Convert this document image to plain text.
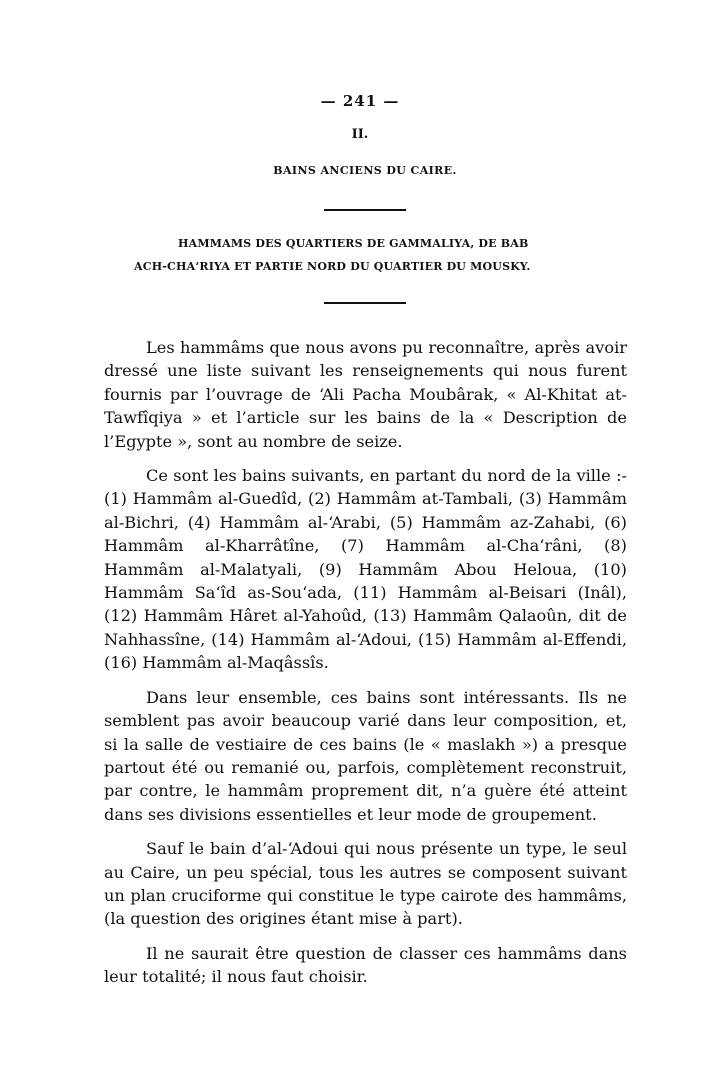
— 241 —
II.
BAINS ANCIENS DU CAIRE.
HAMMAMS DES QUARTIERS DE GAMMALIYA, DE BAB
ACH-CHA‘RIYA ET PARTIE NORD DU QUARTIER DU MOUSKY.

Les hammâms que nous avons pu reconnaître, après avoir dressé une liste suivant les renseignements qui nous furent fournis par l’ouvrage de ‘Ali Pacha Moubârak, « Al-Khitat at-Tawfîqiya » et l’article sur les bains de la « Description de l’Egypte », sont au nombre de seize.

Ce sont les bains suivants, en partant du nord de la ville :- (1) Hammâm al-Guedîd, (2) Hammâm at-Tambali, (3) Hammâm al-Bichri, (4) Hammâm al-‘Arabi, (5) Hammâm az-Zahabi, (6) Hammâm al-Kharrâtîne, (7) Hammâm al-Cha‘râni, (8) Hammâm al-Malatyali, (9) Hammâm Abou Heloua, (10) Hammâm Sa‘îd as-Sou‘ada, (11) Hammâm al-Beisari (Inâl), (12) Hammâm Hâret al-Yahoûd, (13) Hammâm Qalaoûn, dit de Nahhassîne, (14) Hammâm al-‘Adoui, (15) Hammâm al-Effendi, (16) Hammâm al-Maqâssîs.

Dans leur ensemble, ces bains sont intéressants. Ils ne semblent pas avoir beaucoup varié dans leur composition, et, si la salle de vestiaire de ces bains (le « maslakh ») a presque partout été ou remanié ou, parfois, complètement reconstruit, par contre, le hammâm proprement dit, n’a guère été atteint dans ses divisions essentielles et leur mode de groupement.

Sauf le bain d’al-‘Adoui qui nous présente un type, le seul au Caire, un peu spécial, tous les autres se composent suivant un plan cruciforme qui constitue le type cairote des hammâms, (la question des origines étant mise à part).

Il ne saurait être question de classer ces hammâms dans leur totalité; il nous faut choisir.
